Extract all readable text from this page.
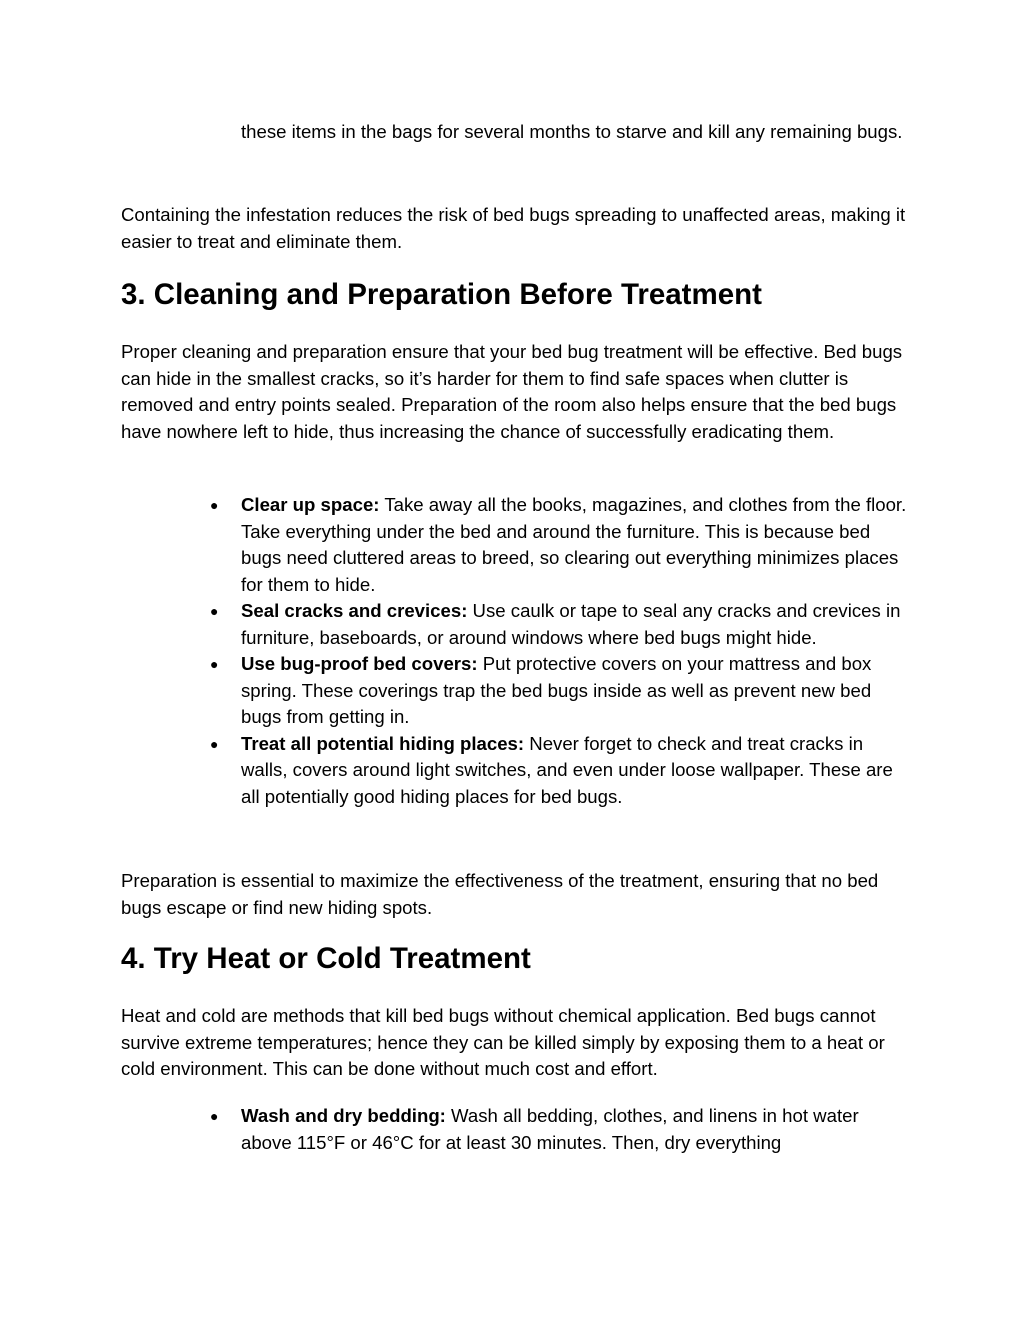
these items in the bags for several months to starve and kill any remaining bugs.

Containing the infestation reduces the risk of bed bugs spreading to unaffected areas, making it easier to treat and eliminate them.

3. Cleaning and Preparation Before Treatment

Proper cleaning and preparation ensure that your bed bug treatment will be effective. Bed bugs can hide in the smallest cracks, so it’s harder for them to find safe spaces when clutter is removed and entry points sealed. Preparation of the room also helps ensure that the bed bugs have nowhere left to hide, thus increasing the chance of successfully eradicating them.

● Clear up space: Take away all the books, magazines, and clothes from the floor. Take everything under the bed and around the furniture. This is because bed bugs need cluttered areas to breed, so clearing out everything minimizes places for them to hide.
● Seal cracks and crevices: Use caulk or tape to seal any cracks and crevices in furniture, baseboards, or around windows where bed bugs might hide.
● Use bug-proof bed covers: Put protective covers on your mattress and box spring. These coverings trap the bed bugs inside as well as prevent new bed bugs from getting in.
● Treat all potential hiding places: Never forget to check and treat cracks in walls, covers around light switches, and even under loose wallpaper. These are all potentially good hiding places for bed bugs.

Preparation is essential to maximize the effectiveness of the treatment, ensuring that no bed bugs escape or find new hiding spots.

4. Try Heat or Cold Treatment

Heat and cold are methods that kill bed bugs without chemical application. Bed bugs cannot survive extreme temperatures; hence they can be killed simply by exposing them to a heat or cold environment. This can be done without much cost and effort.

● Wash and dry bedding: Wash all bedding, clothes, and linens in hot water above 115°F or 46°C for at least 30 minutes. Then, dry everything
